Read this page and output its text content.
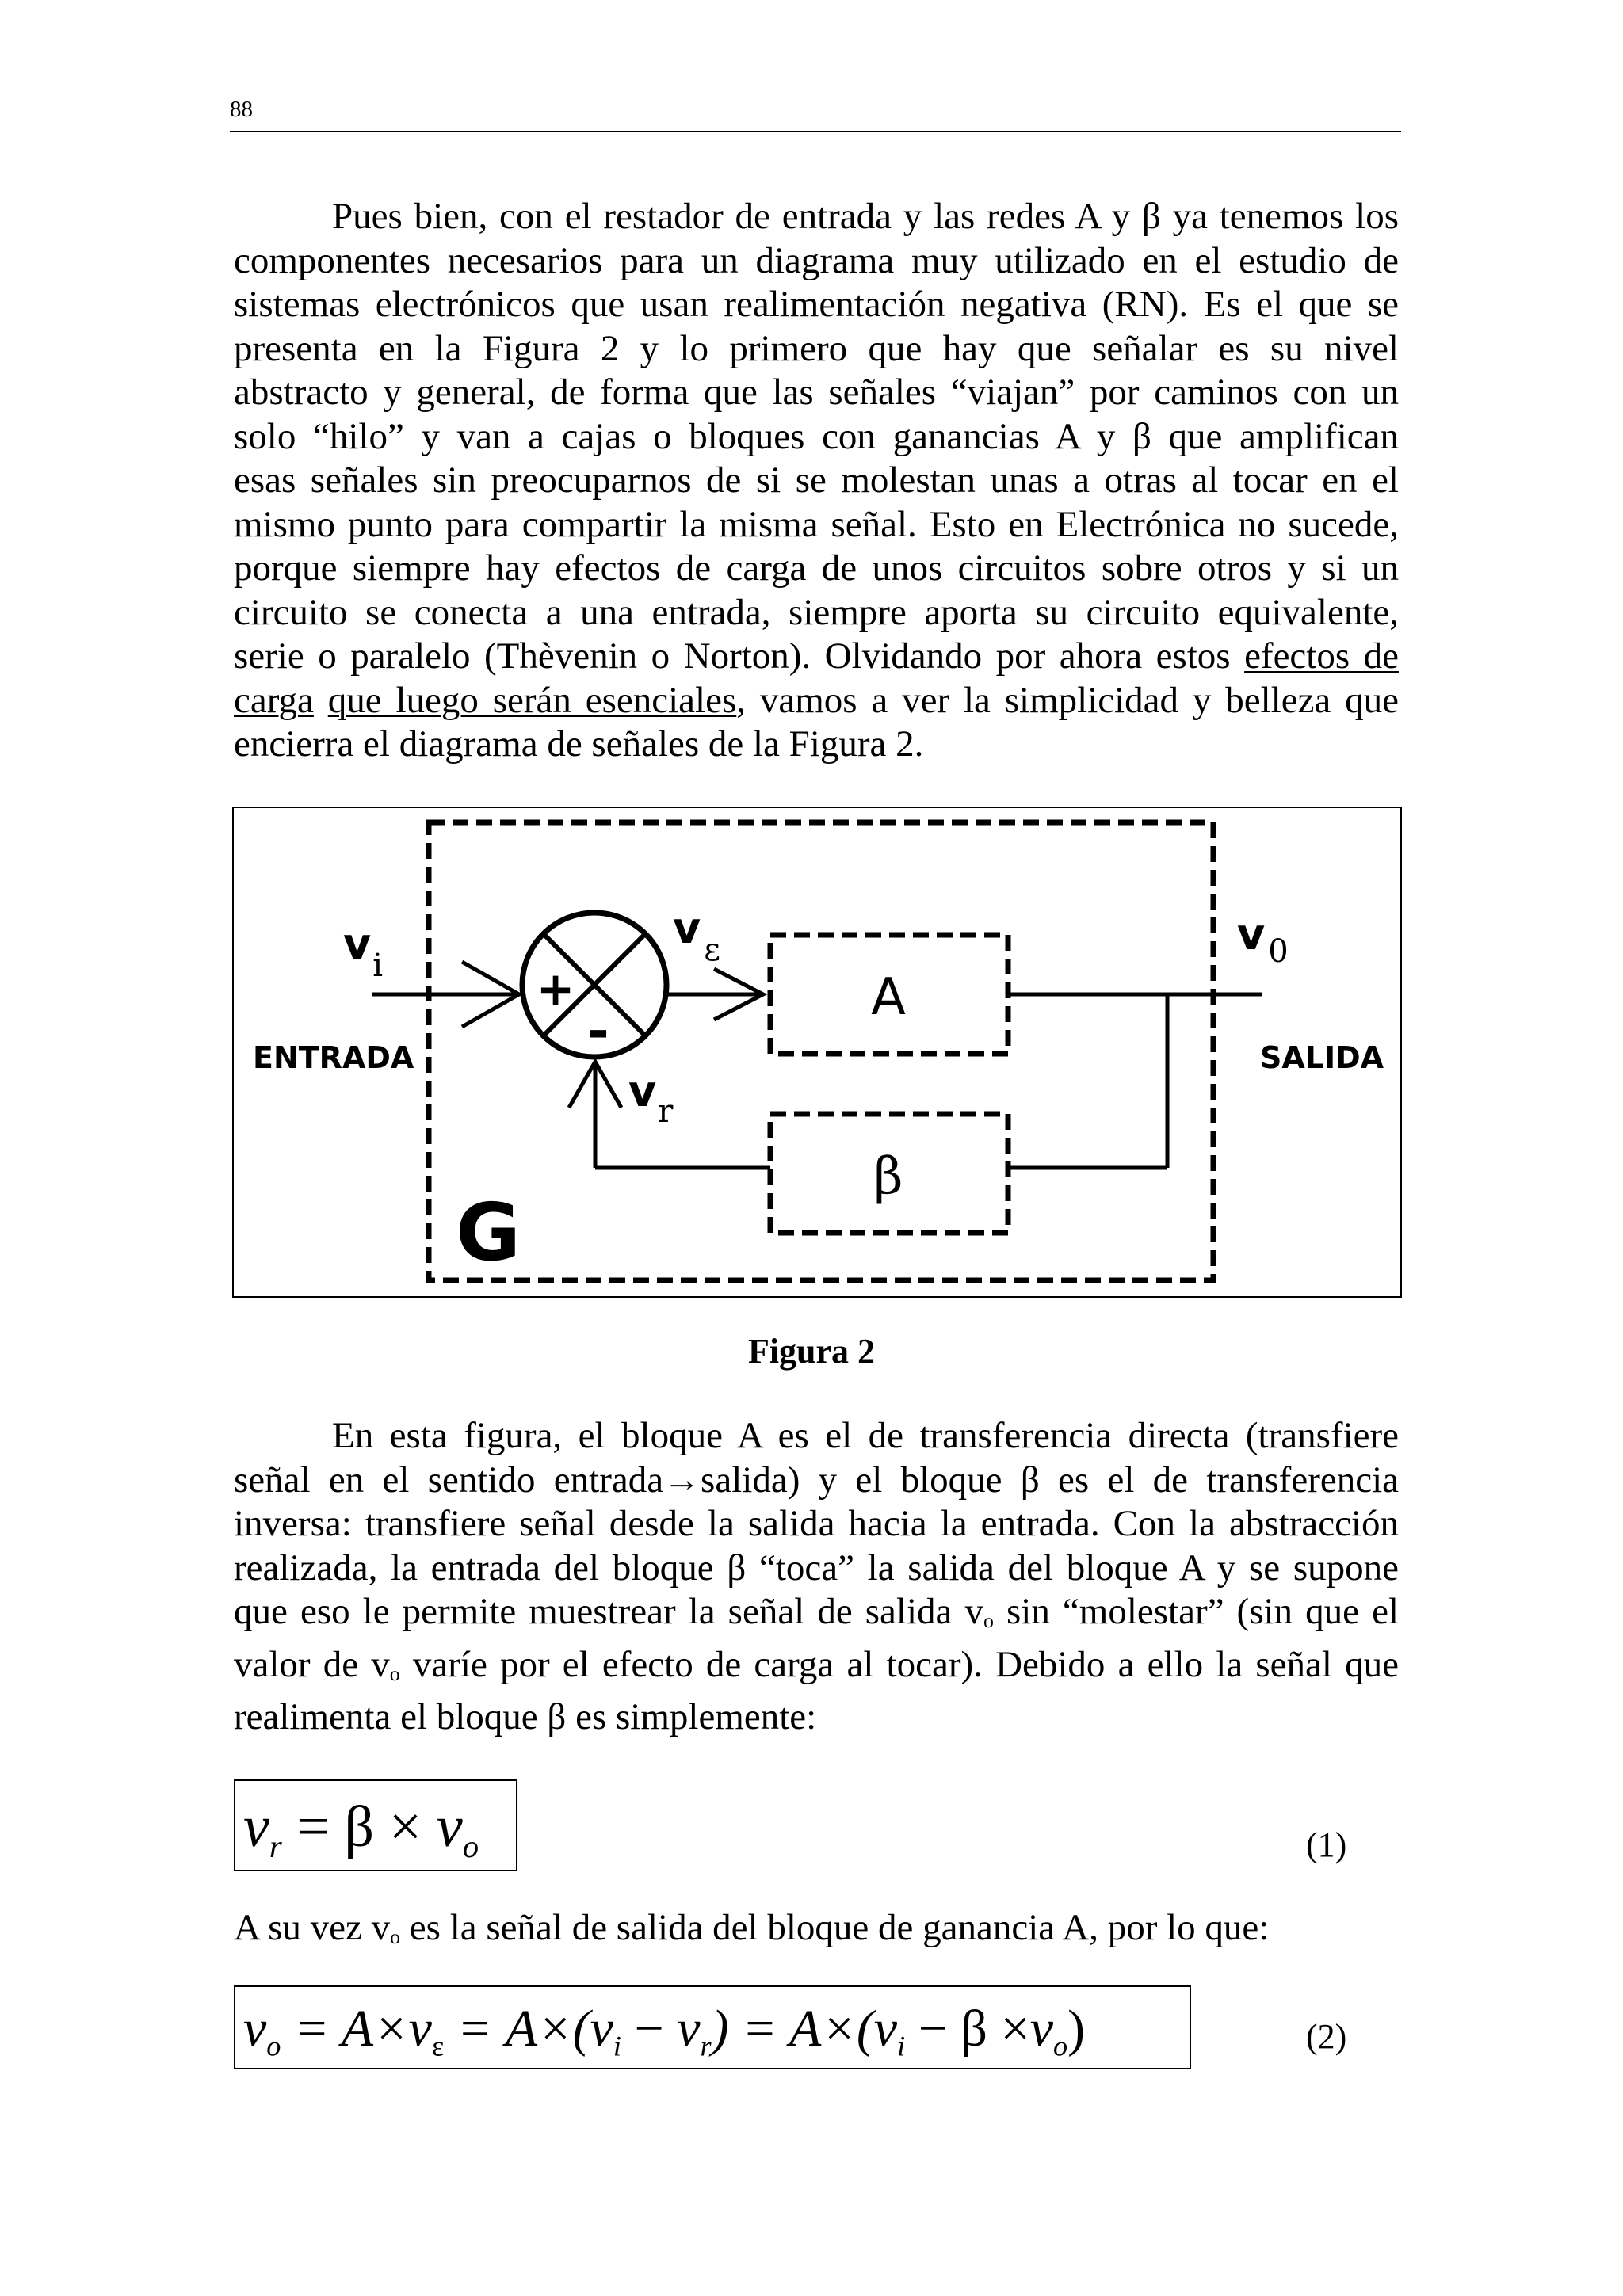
88
Pues bien, con el restador de entrada y las redes A y β ya tenemos los
componentes necesarios para un diagrama muy utilizado en el estudio de
sistemas electrónicos que usan realimentación negativa (RN). Es el que se
presenta en la Figura 2 y lo primero que hay que señalar es su nivel
abstracto y general, de forma que las señales “viajan” por caminos con un
solo “hilo” y van a cajas o bloques con ganancias A y β que amplifican
esas señales sin preocuparnos de si se molestan unas a otras al tocar en el
mismo punto para compartir la misma señal. Esto en Electrónica no sucede,
porque siempre hay efectos de carga de unos circuitos sobre otros y si un
circuito se conecta a una entrada, siempre aporta su circuito equivalente,
serie o paralelo (Thèvenin o Norton). Olvidando por ahora estos efectos de
carga que luego serán esenciales, vamos a ver la simplicidad y belleza que
encierra el diagrama de señales de la Figura 2.
G
$v_i$
ENTRADA
+
-
v $_\varepsilon$
A
v $_0$
SALIDA
β
$v_r$
Figura 2
En esta figura, el bloque A es el de transferencia directa (transfiere
señal en el sentido entrada→salida) y el bloque β es el de transferencia
inversa: transfiere señal desde la salida hacia la entrada. Con la abstracción
realizada, la entrada del bloque β “toca” la salida del bloque A y se supone
que eso le permite muestrear la señal de salida vo sin “molestar” (sin que el
valor de vo varíe por el efecto de carga al tocar). Debido a ello la señal que
realimenta el bloque β es simplemente:
$v_r = \beta \times v_o$	(1)
A su vez vo es la señal de salida del bloque de ganancia A, por lo que:
$v_o = A\times v_\varepsilon = A\times(v_i - v_r) = A\times(v_i - \beta \times v_o)$	(2)
